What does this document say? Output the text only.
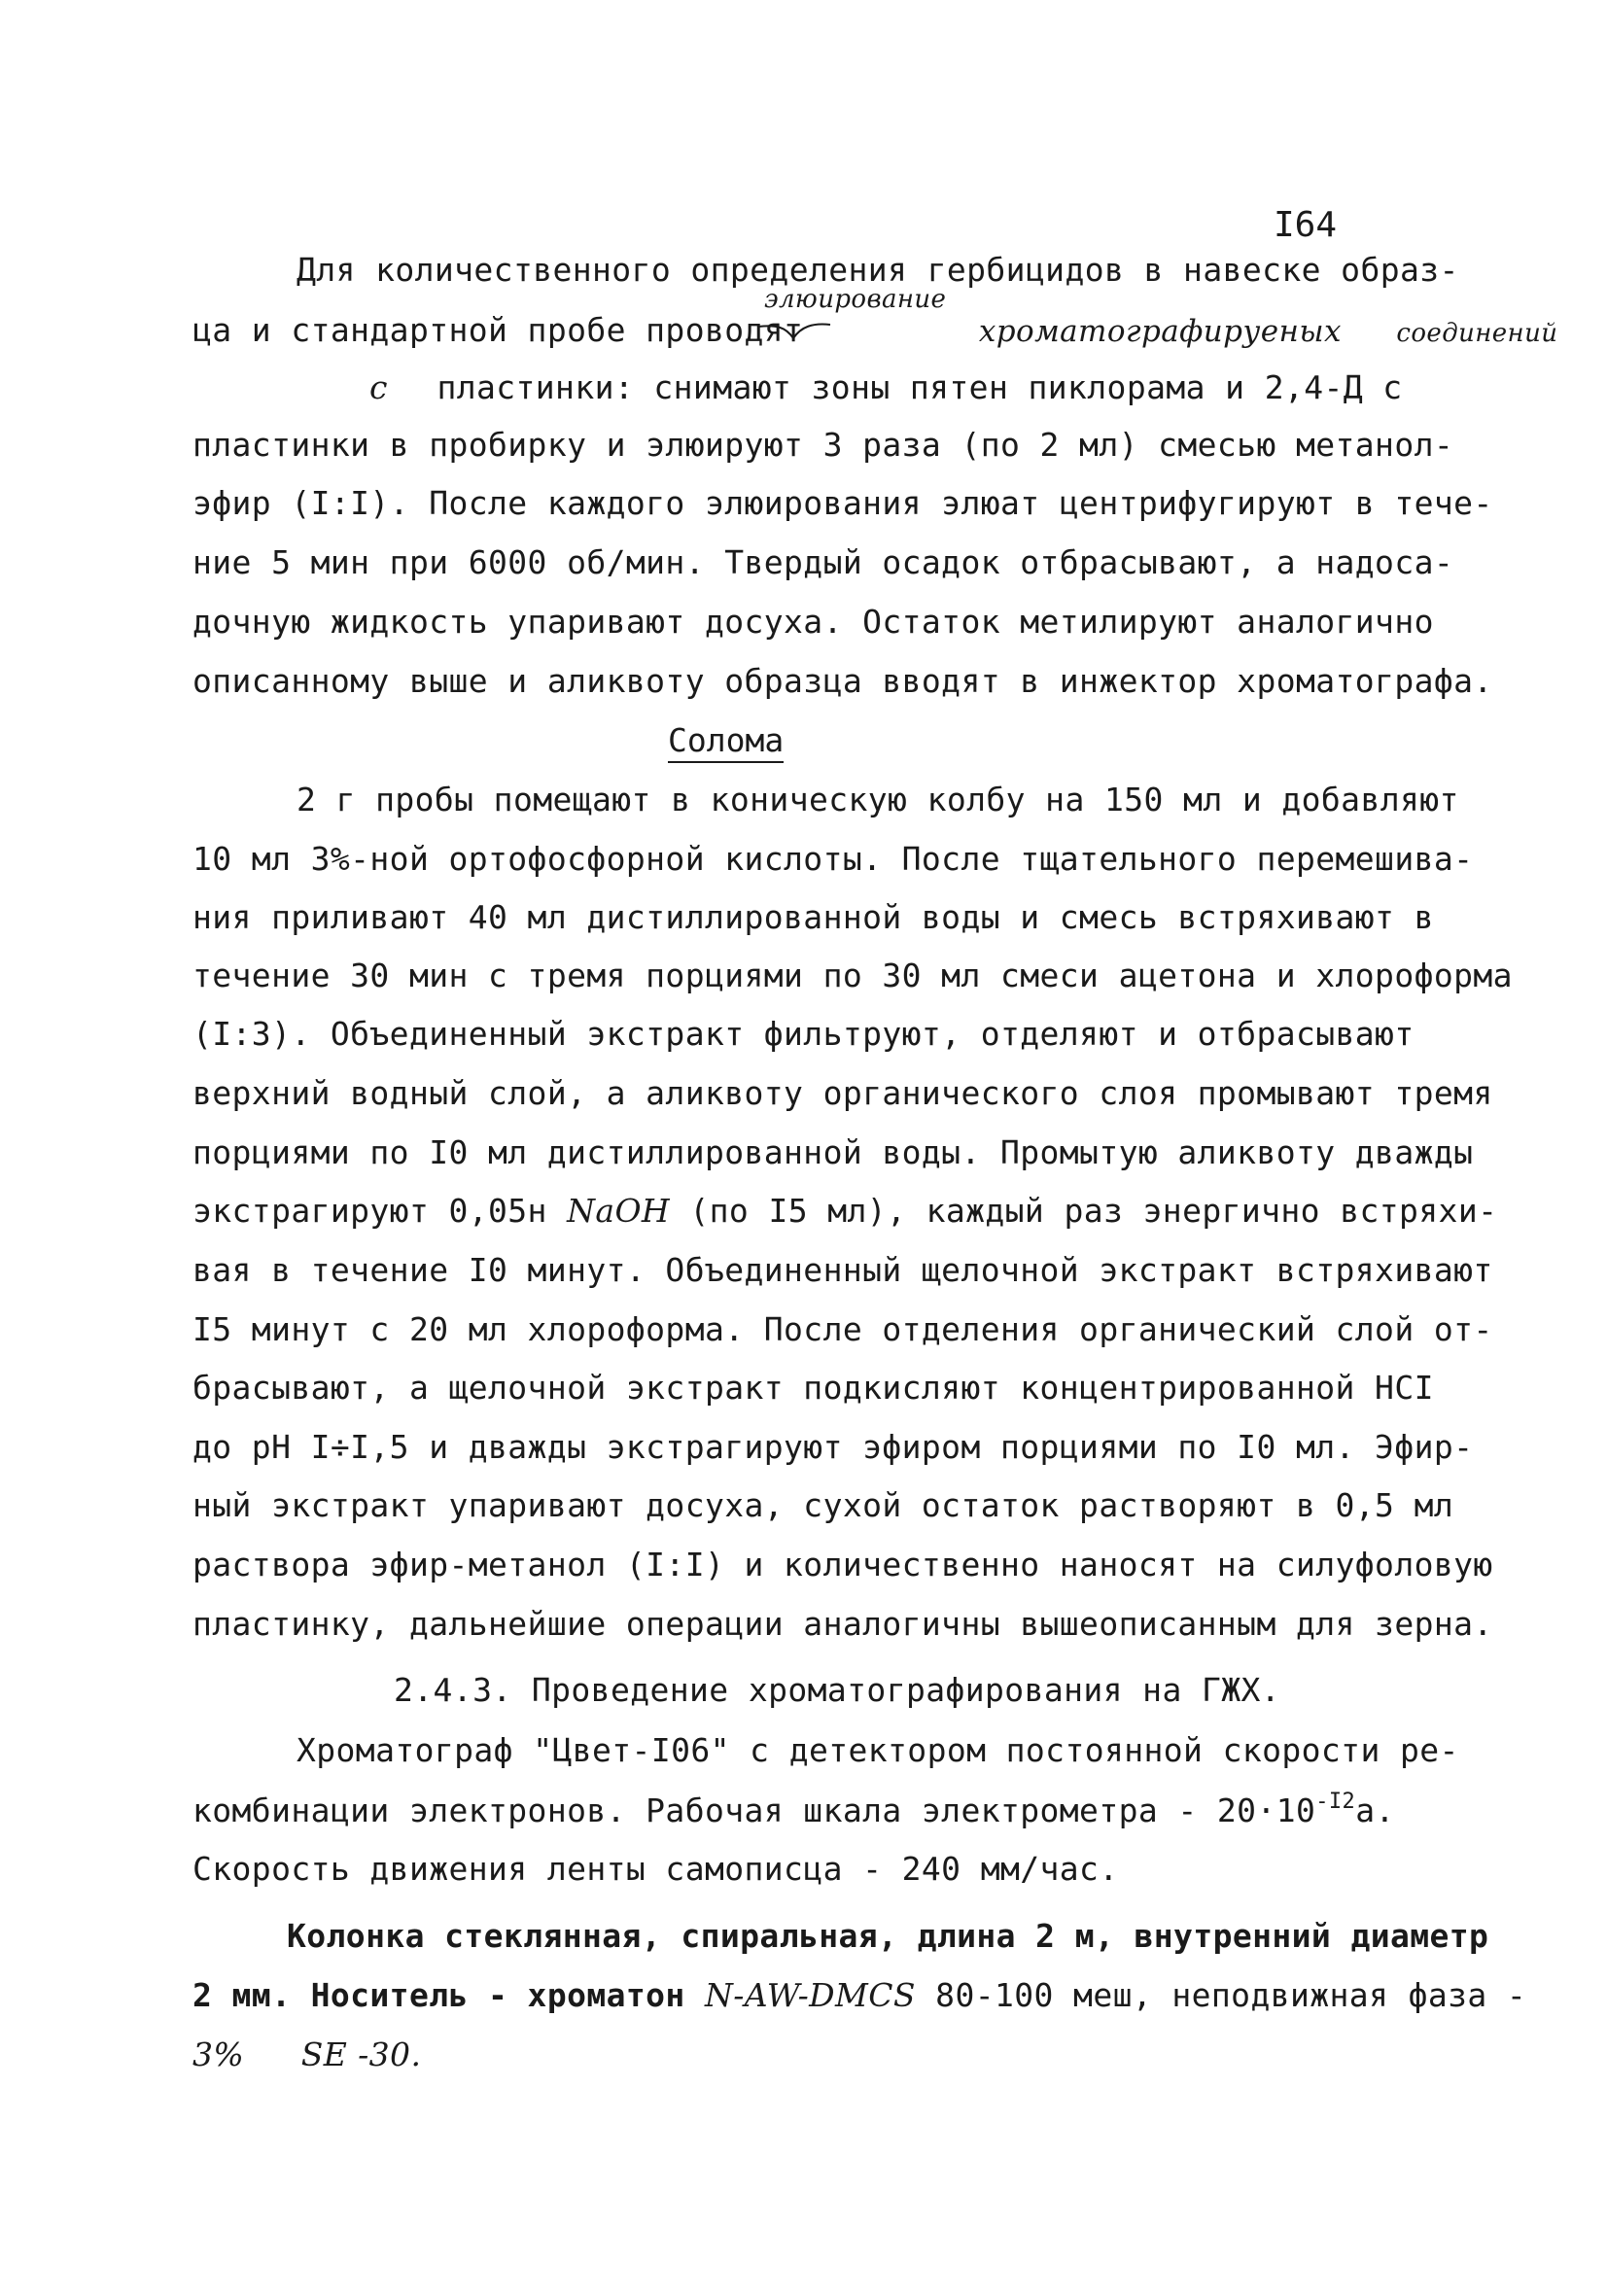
I64
Для количественного определения гербицидов в навеске образ-
элюирование
ца и стандартной пробе проводят	хроматографируеных соединений
с пластинки: снимают зоны пятен пиклорама и 2,4-Д с
пластинки в пробирку и элюируют 3 раза (по 2 мл) смесью метанол-
эфир (I:I). После каждого элюирования элюат центрифугируют в тече-
ние 5 мин при 6000 об/мин. Твердый осадок отбрасывают, а надоса-
дочную жидкость упаривают досуха. Остаток метилируют аналогично
описанному выше и аликвоту образца вводят в инжектор хроматографа.
Солома
2 г пробы помещают в коническую колбу на 150 мл и добавляют
10 мл 3%-ной ортофосфорной кислоты. После тщательного перемешива-
ния приливают 40 мл дистиллированной воды и смесь встряхивают в
течение 30 мин с тремя порциями по 30 мл смеси ацетона и хлороформа
(I:3). Объединенный экстракт фильтруют, отделяют и отбрасывают
верхний водный слой, а аликвоту органического слоя промывают тремя
порциями по I0 мл дистиллированной воды. Промытую аликвоту дважды
экстрагируют 0,05н NaOH (по I5 мл), каждый раз энергично встряхи-
вая в течение I0 минут. Объединенный щелочной экстракт встряхивают
I5 минут с 20 мл хлороформа. После отделения органический слой от-
брасывают, а щелочной экстракт подкисляют концентрированной HCI
до pH I÷I,5 и дважды экстрагируют эфиром порциями по I0 мл. Эфир-
ный экстракт упаривают досуха, сухой остаток растворяют в 0,5 мл
раствора эфир-метанол (I:I) и количественно наносят на силуфоловую
пластинку, дальнейшие операции аналогичны вышеописанным для зерна.
2.4.3. Проведение хроматографирования на ГЖХ.
Хроматограф "Цвет-I06" с детектором постоянной скорости ре-
комбинации электронов. Рабочая шкала электрометра - $20\cdot 10^{-I2}а$.
Скорость движения ленты самописца - 240 мм/час.
Колонка стеклянная, спиральная, длина 2 м, внутренний диаметр
2 мм. Носитель - хроматон N-AW-DMCS 80-100 меш, неподвижная фаза -
3% SE -30.
